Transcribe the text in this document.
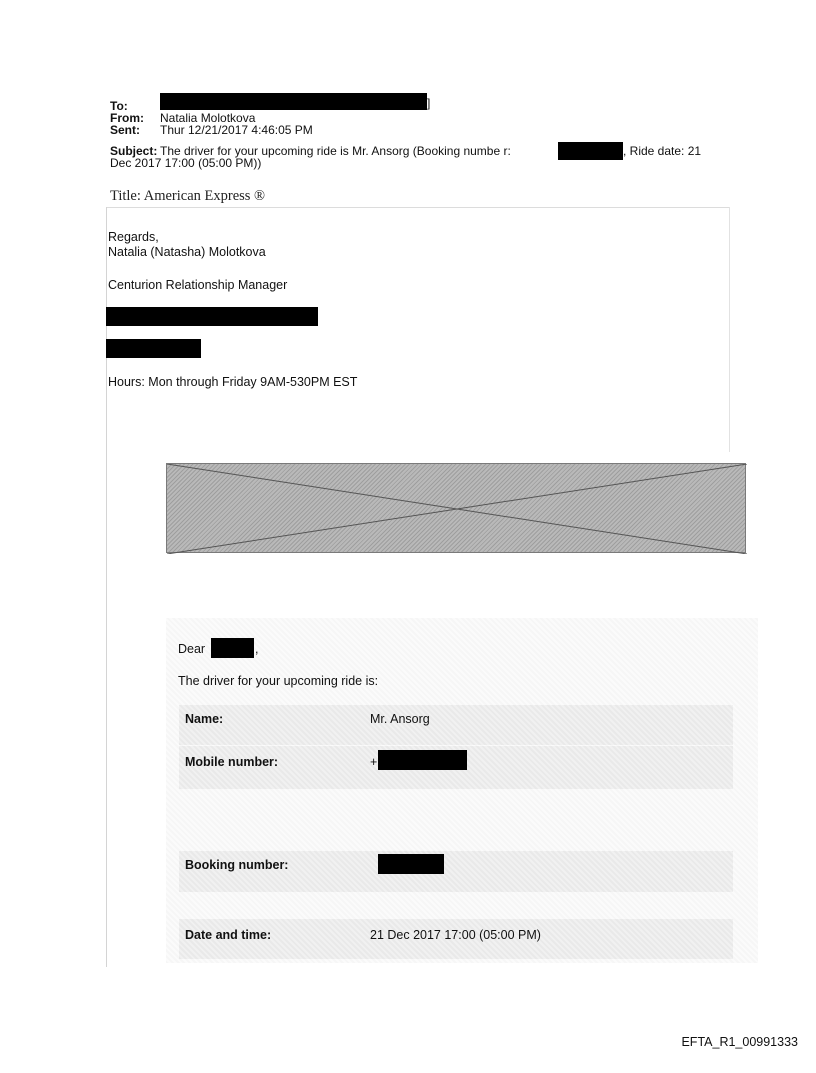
To:	]
From: Natalia Molotkova
Sent: Thur 12/21/2017 4:46:05 PM
Subject: The driver for your upcoming ride is Mr. Ansorg (Booking numbe r:	, Ride date: 21
Dec 2017 17:00 (05:00 PM))
Title: American Express ®
Regards,
Natalia (Natasha) Molotkova
Centurion Relationship Manager
Hours: Mon through Friday 9AM-530PM EST
Dear	,
The driver for your upcoming ride is:
Name:	Mr. Ansorg
Mobile number:	+
Booking number:
Date and time:	21 Dec 2017 17:00 (05:00 PM)
EFTA_R1_00991333
